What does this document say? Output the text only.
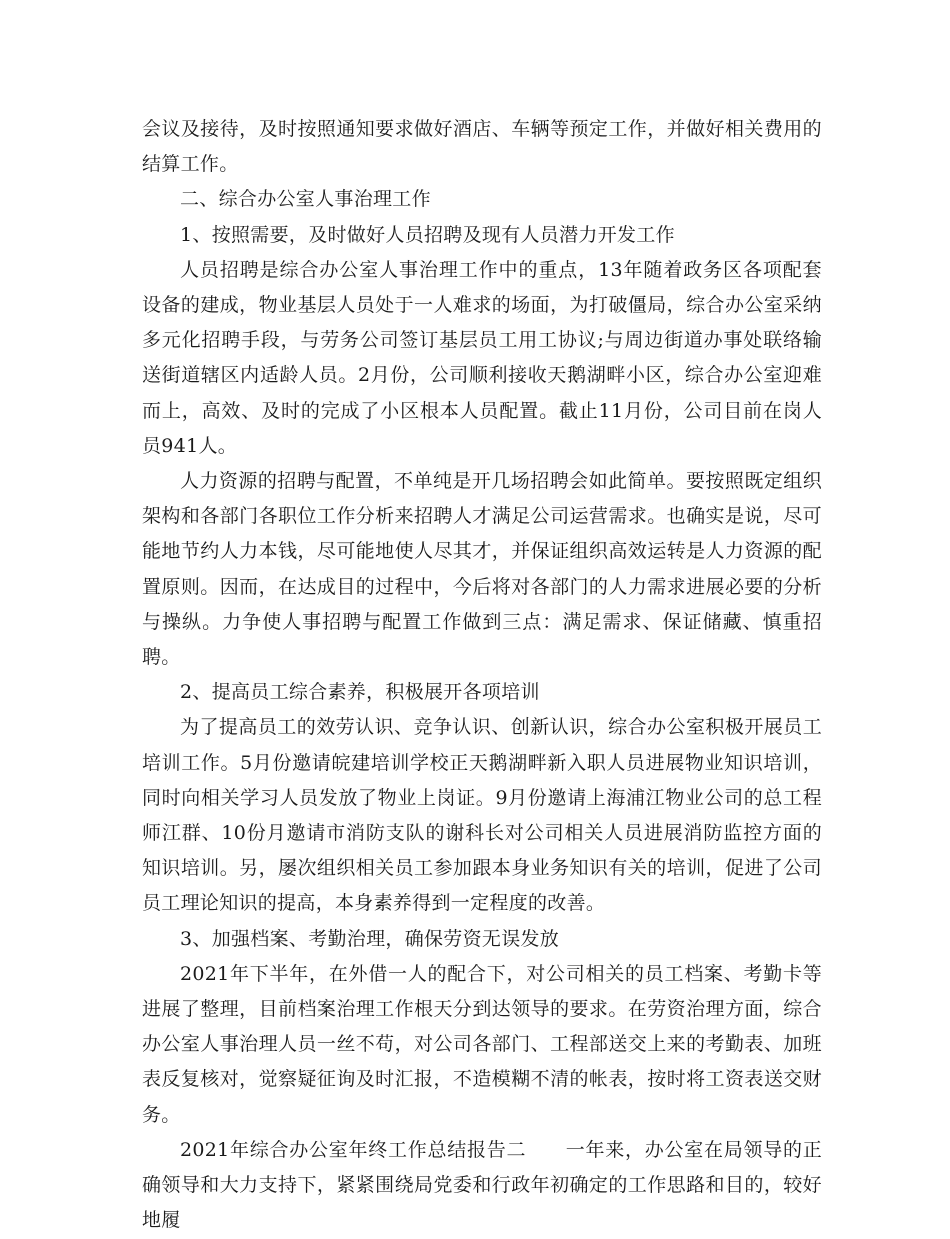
会议及接待，及时按照通知要求做好酒店、车辆等预定工作，并做好相关费用的结算工作。

二、综合办公室人事治理工作

1、按照需要，及时做好人员招聘及现有人员潜力开发工作

人员招聘是综合办公室人事治理工作中的重点，13年随着政务区各项配套设备的建成，物业基层人员处于一人难求的场面，为打破僵局，综合办公室采纳多元化招聘手段，与劳务公司签订基层员工用工协议;与周边街道办事处联络输送街道辖区内适龄人员。2月份，公司顺利接收天鹅湖畔小区，综合办公室迎难而上，高效、及时的完成了小区根本人员配置。截止11月份，公司目前在岗人员941人。

人力资源的招聘与配置，不单纯是开几场招聘会如此简单。要按照既定组织架构和各部门各职位工作分析来招聘人才满足公司运营需求。也确实是说，尽可能地节约人力本钱，尽可能地使人尽其才，并保证组织高效运转是人力资源的配置原则。因而，在达成目的过程中，今后将对各部门的人力需求进展必要的分析与操纵。力争使人事招聘与配置工作做到三点：满足需求、保证储藏、慎重招聘。

2、提高员工综合素养，积极展开各项培训

为了提高员工的效劳认识、竞争认识、创新认识，综合办公室积极开展员工培训工作。5月份邀请皖建培训学校正天鹅湖畔新入职人员进展物业知识培训，同时向相关学习人员发放了物业上岗证。9月份邀请上海浦江物业公司的总工程师江群、10份月邀请市消防支队的谢科长对公司相关人员进展消防监控方面的知识培训。另，屡次组织相关员工参加跟本身业务知识有关的培训，促进了公司员工理论知识的提高，本身素养得到一定程度的改善。

3、加强档案、考勤治理，确保劳资无误发放

2021年下半年，在外借一人的配合下，对公司相关的员工档案、考勤卡等进展了整理，目前档案治理工作根天分到达领导的要求。在劳资治理方面，综合办公室人事治理人员一丝不苟，对公司各部门、工程部送交上来的考勤表、加班表反复核对，觉察疑征询及时汇报，不造模糊不清的帐表，按时将工资表送交财务。

2021年综合办公室年终工作总结报告二　　一年来，办公室在局领导的正确领导和大力支持下，紧紧围绕局党委和行政年初确定的工作思路和目的，较好地履
